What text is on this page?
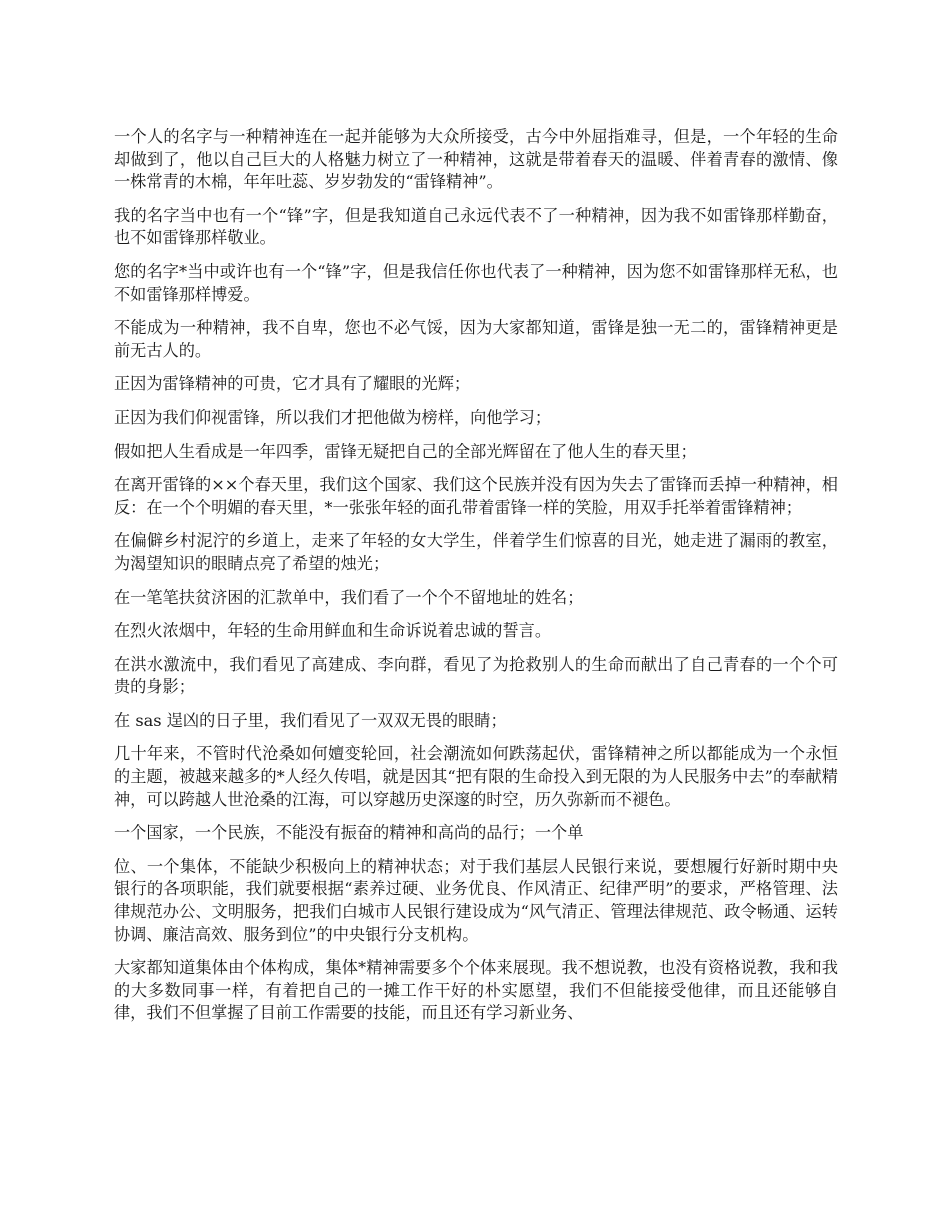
一个人的名字与一种精神连在一起并能够为大众所接受，古今中外屈指难寻，但是，一个年轻的生命却做到了，他以自己巨大的人格魅力树立了一种精神，这就是带着春天的温暖、伴着青春的激情、像一株常青的木棉，年年吐蕊、岁岁勃发的“雷锋精神”。

我的名字当中也有一个“锋”字，但是我知道自己永远代表不了一种精神，因为我不如雷锋那样勤奋，也不如雷锋那样敬业。

您的名字*当中或许也有一个“锋”字，但是我信任你也代表了一种精神，因为您不如雷锋那样无私，也不如雷锋那样博爱。

不能成为一种精神，我不自卑，您也不必气馁，因为大家都知道，雷锋是独一无二的，雷锋精神更是前无古人的。

正因为雷锋精神的可贵，它才具有了耀眼的光辉；

正因为我们仰视雷锋，所以我们才把他做为榜样，向他学习；

假如把人生看成是一年四季，雷锋无疑把自己的全部光辉留在了他人生的春天里；

在离开雷锋的××个春天里，我们这个国家、我们这个民族并没有因为失去了雷锋而丢掉一种精神，相反：在一个个明媚的春天里，*一张张年轻的面孔带着雷锋一样的笑脸，用双手托举着雷锋精神；

在偏僻乡村泥泞的乡道上，走来了年轻的女大学生，伴着学生们惊喜的目光，她走进了漏雨的教室，为渴望知识的眼睛点亮了希望的烛光；

在一笔笔扶贫济困的汇款单中，我们看了一个个不留地址的姓名；

在烈火浓烟中，年轻的生命用鲜血和生命诉说着忠诚的誓言。

在洪水激流中，我们看见了高建成、李向群，看见了为抢救别人的生命而献出了自己青春的一个个可贵的身影；

在 sas 逞凶的日子里，我们看见了一双双无畏的眼睛；

几十年来，不管时代沧桑如何嬗变轮回，社会潮流如何跌荡起伏，雷锋精神之所以都能成为一个永恒的主题，被越来越多的*人经久传唱，就是因其“把有限的生命投入到无限的为人民服务中去”的奉献精神，可以跨越人世沧桑的江海，可以穿越历史深邃的时空，历久弥新而不褪色。

一个国家，一个民族，不能没有振奋的精神和高尚的品行；一个单

位、一个集体，不能缺少积极向上的精神状态；对于我们基层人民银行来说，要想履行好新时期中央银行的各项职能，我们就要根据“素养过硬、业务优良、作风清正、纪律严明”的要求，严格管理、法律规范办公、文明服务，把我们白城市人民银行建设成为“风气清正、管理法律规范、政令畅通、运转协调、廉洁高效、服务到位”的中央银行分支机构。

大家都知道集体由个体构成，集体*精神需要多个个体来展现。我不想说教，也没有资格说教，我和我的大多数同事一样，有着把自己的一摊工作干好的朴实愿望，我们不但能接受他律，而且还能够自律，我们不但掌握了目前工作需要的技能，而且还有学习新业务、
